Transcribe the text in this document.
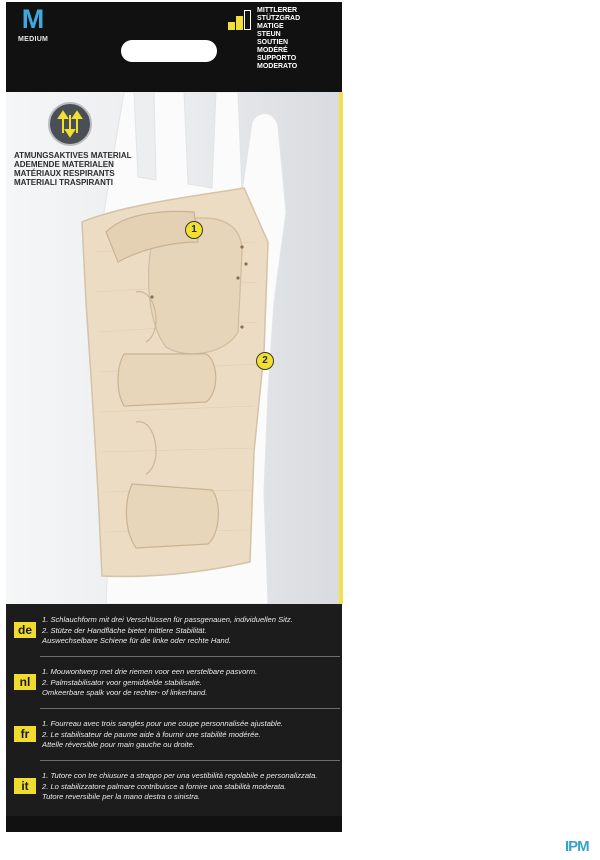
M
MEDIUM
MITTLERER
STÜTZGRAD
MATIGE
STEUN
SOUTIEN
MODÉRÉ
SUPPORTO
MODERATO
ATMUNGSAKTIVES MATERIAL
ADEMENDE MATERIALEN
MATÉRIAUX RESPIRANTS
MATERIALI TRASPIRANTI
1
2
de
1. Schlauchform mit drei Verschlüssen für passgenauen, individuellen Sitz.
2. Stütze der Handfläche bietet mittlere Stabilität.
Auswechselbare Schiene für die linke oder rechte Hand.
nl
1. Mouwontwerp met drie riemen voor een verstelbare pasvorm.
2. Palmstabilisator voor gemiddelde stabilisatie.
Omkeerbare spalk voor de rechter- of linkerhand.
fr
1. Fourreau avec trois sangles pour une coupe personnalisée ajustable.
2. Le stabilisateur de paume aide à fournir une stabilité modérée.
Attelle réversible pour main gauche ou droite.
it
1. Tutore con tre chiusure a strappo per una vestibilità regolabile e personalizzata.
2. Lo stabilizzatore palmare contribuisce a fornire una stabilità moderata.
Tutore reversibile per la mano destra o sinistra.
IPM
